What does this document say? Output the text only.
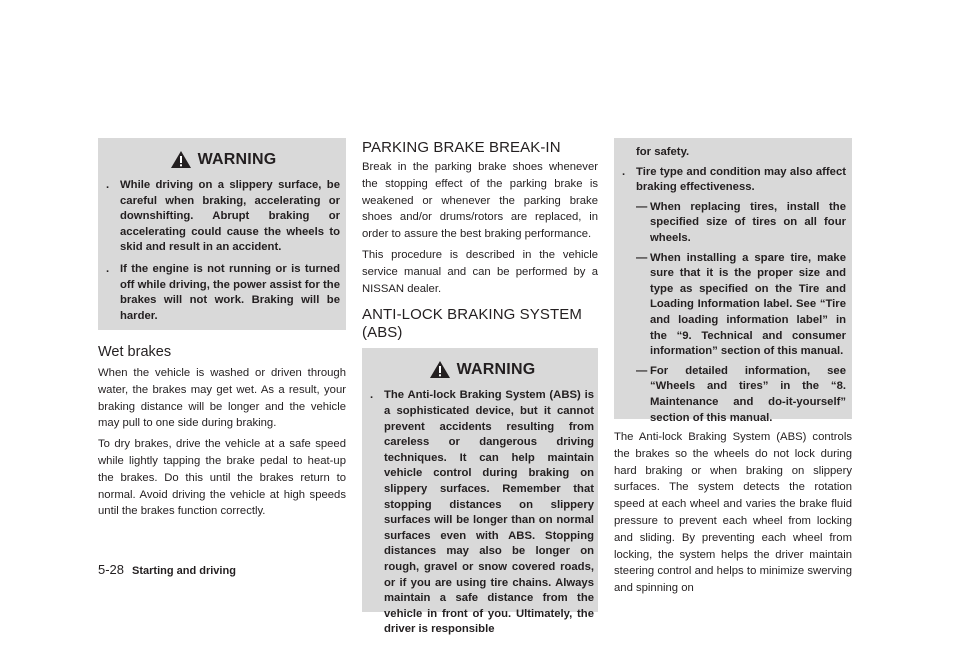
WARNING
. While driving on a slippery surface, be careful when braking, accelerating or downshifting. Abrupt braking or accelerating could cause the wheels to skid and result in an accident.
. If the engine is not running or is turned off while driving, the power assist for the brakes will not work. Braking will be harder.
Wet brakes

When the vehicle is washed or driven through water, the brakes may get wet. As a result, your braking distance will be longer and the vehicle may pull to one side during braking.

To dry brakes, drive the vehicle at a safe speed while lightly tapping the brake pedal to heat-up the brakes. Do this until the brakes return to normal. Avoid driving the vehicle at high speeds until the brakes function correctly.

PARKING BRAKE BREAK-IN

Break in the parking brake shoes whenever the stopping effect of the parking brake is weakened or whenever the parking brake shoes and/or drums/rotors are replaced, in order to assure the best braking performance.

This procedure is described in the vehicle service manual and can be performed by a NISSAN dealer.

ANTI-LOCK BRAKING SYSTEM (ABS)
WARNING
. The Anti-lock Braking System (ABS) is a sophisticated device, but it cannot prevent accidents resulting from careless or dangerous driving techniques. It can help maintain vehicle control during braking on slippery surfaces. Remember that stopping distances on slippery surfaces will be longer than on normal surfaces even with ABS. Stopping distances may also be longer on rough, gravel or snow covered roads, or if you are using tire chains. Always maintain a safe distance from the vehicle in front of you. Ultimately, the driver is responsible
for safety.
. Tire type and condition may also affect braking effectiveness.
— When replacing tires, install the specified size of tires on all four wheels.
— When installing a spare tire, make sure that it is the proper size and type as specified on the Tire and Loading Information label. See “Tire and loading information label” in the “9. Technical and consumer information” section of this manual.
— For detailed information, see “Wheels and tires” in the “8. Maintenance and do-it-yourself” section of this manual.

The Anti-lock Braking System (ABS) controls the brakes so the wheels do not lock during hard braking or when braking on slippery surfaces. The system detects the rotation speed at each wheel and varies the brake fluid pressure to prevent each wheel from locking and sliding. By preventing each wheel from locking, the system helps the driver maintain steering control and helps to minimize swerving and spinning on

5-28 Starting and driving
